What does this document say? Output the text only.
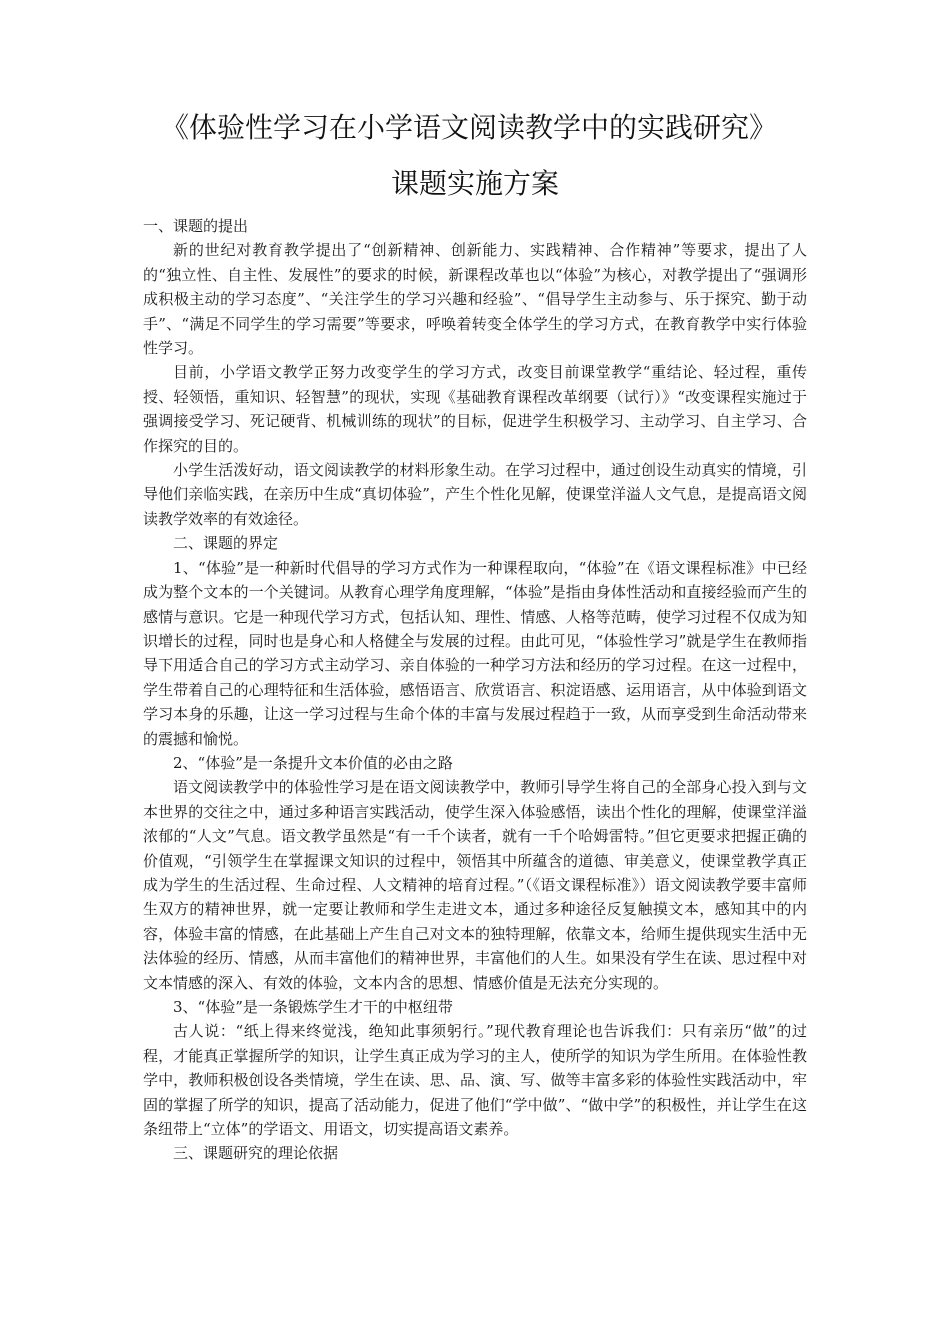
《体验性学习在小学语文阅读教学中的实践研究》
课题实施方案

一、课题的提出

新的世纪对教育教学提出了“创新精神、创新能力、实践精神、合作精神”等要求，提出了人的“独立性、自主性、发展性”的要求的时候，新课程改革也以“体验”为核心，对教学提出了“强调形成积极主动的学习态度”、“关注学生的学习兴趣和经验”、“倡导学生主动参与、乐于探究、勤于动手”、“满足不同学生的学习需要”等要求，呼唤着转变全体学生的学习方式，在教育教学中实行体验性学习。

目前，小学语文教学正努力改变学生的学习方式，改变目前课堂教学“重结论、轻过程，重传授、轻领悟，重知识、轻智慧”的现状，实现《基础教育课程改革纲要（试行）》“改变课程实施过于强调接受学习、死记硬背、机械训练的现状”的目标，促进学生积极学习、主动学习、自主学习、合作探究的目的。

小学生活泼好动，语文阅读教学的材料形象生动。在学习过程中，通过创设生动真实的情境，引导他们亲临实践，在亲历中生成“真切体验”，产生个性化见解，使课堂洋溢人文气息，是提高语文阅读教学效率的有效途径。

二、课题的界定

1、“体验”是一种新时代倡导的学习方式作为一种课程取向，“体验”在《语文课程标准》中已经成为整个文本的一个关键词。从教育心理学角度理解，“体验”是指由身体性活动和直接经验而产生的感情与意识。它是一种现代学习方式，包括认知、理性、情感、人格等范畴，使学习过程不仅成为知识增长的过程，同时也是身心和人格健全与发展的过程。由此可见，“体验性学习”就是学生在教师指导下用适合自己的学习方式主动学习、亲自体验的一种学习方法和经历的学习过程。在这一过程中，学生带着自己的心理特征和生活体验，感悟语言、欣赏语言、积淀语感、运用语言，从中体验到语文学习本身的乐趣，让这一学习过程与生命个体的丰富与发展过程趋于一致，从而享受到生命活动带来的震撼和愉悦。

2、“体验”是一条提升文本价值的必由之路

语文阅读教学中的体验性学习是在语文阅读教学中，教师引导学生将自己的全部身心投入到与文本世界的交往之中，通过多种语言实践活动，使学生深入体验感悟，读出个性化的理解，使课堂洋溢浓郁的“人文”气息。语文教学虽然是“有一千个读者，就有一千个哈姆雷特。”但它更要求把握正确的价值观，“引领学生在掌握课文知识的过程中，领悟其中所蕴含的道德、审美意义，使课堂教学真正成为学生的生活过程、生命过程、人文精神的培育过程。”（《语文课程标准》）语文阅读教学要丰富师生双方的精神世界，就一定要让教师和学生走进文本，通过多种途径反复触摸文本，感知其中的内容，体验丰富的情感，在此基础上产生自己对文本的独特理解，依靠文本，给师生提供现实生活中无法体验的经历、情感，从而丰富他们的精神世界，丰富他们的人生。如果没有学生在读、思过程中对文本情感的深入、有效的体验，文本内含的思想、情感价值是无法充分实现的。

3、“体验”是一条锻炼学生才干的中枢纽带

古人说：“纸上得来终觉浅，绝知此事须躬行。”现代教育理论也告诉我们：只有亲历“做”的过程，才能真正掌握所学的知识，让学生真正成为学习的主人，使所学的知识为学生所用。在体验性教学中，教师积极创设各类情境，学生在读、思、品、演、写、做等丰富多彩的体验性实践活动中，牢固的掌握了所学的知识，提高了活动能力，促进了他们“学中做”、“做中学”的积极性，并让学生在这条纽带上“立体”的学语文、用语文，切实提高语文素养。

三、课题研究的理论依据
